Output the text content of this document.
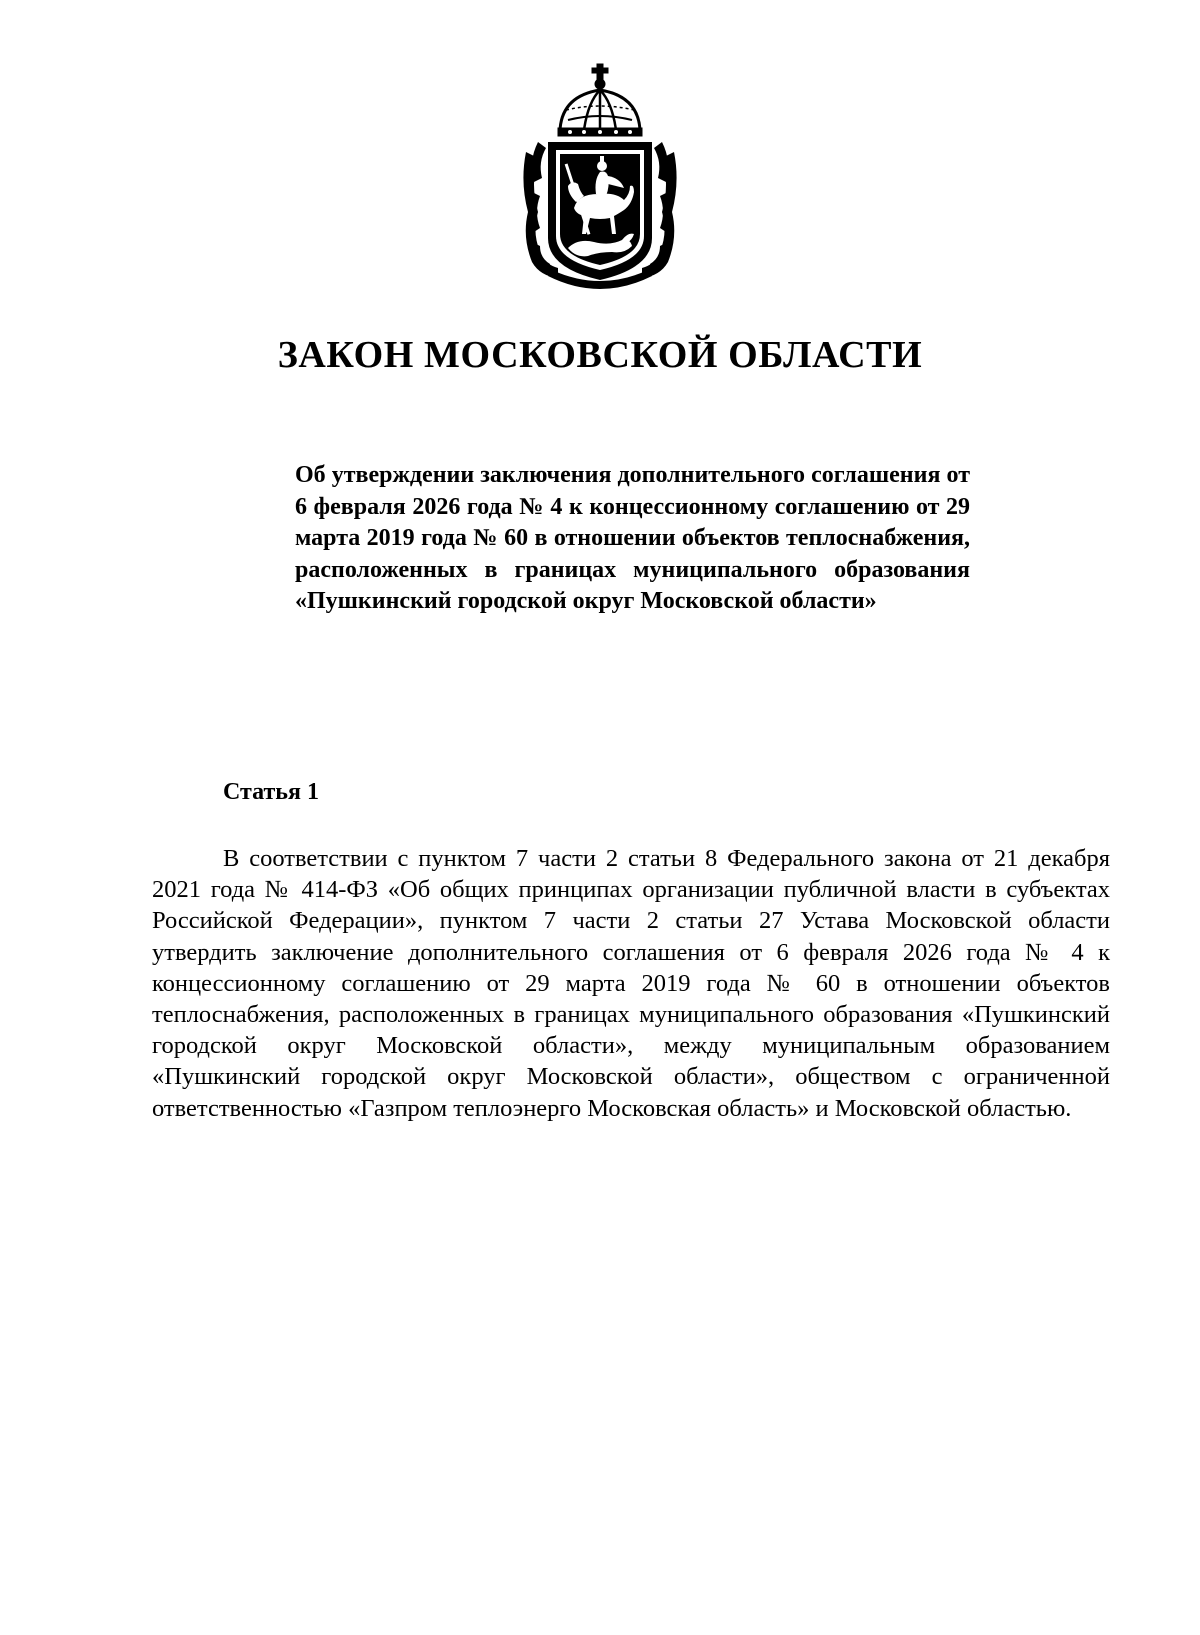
ЗАКОН МОСКОВСКОЙ ОБЛАСТИ

Об утверждении заключения дополнительного соглашения от 6 февраля 2026 года № 4 к концессионному соглашению от 29 марта 2019 года № 60 в отношении объектов теплоснабжения, расположенных в границах муниципального образования «Пушкинский городской округ Московской области»

Статья 1

В соответствии с пунктом 7 части 2 статьи 8 Федерального закона от 21 декабря 2021 года № 414-ФЗ «Об общих принципах организации публичной власти в субъектах Российской Федерации», пунктом 7 части 2 статьи 27 Устава Московской области утвердить заключение дополнительного соглашения от 6 февраля 2026 года № 4 к концессионному соглашению от 29 марта 2019 года № 60 в отношении объектов теплоснабжения, расположенных в границах муниципального образования «Пушкинский городской округ Московской области», между муниципальным образованием «Пушкинский городской округ Московской области», обществом с ограниченной ответственностью «Газпром теплоэнерго Московская область» и Московской областью.
